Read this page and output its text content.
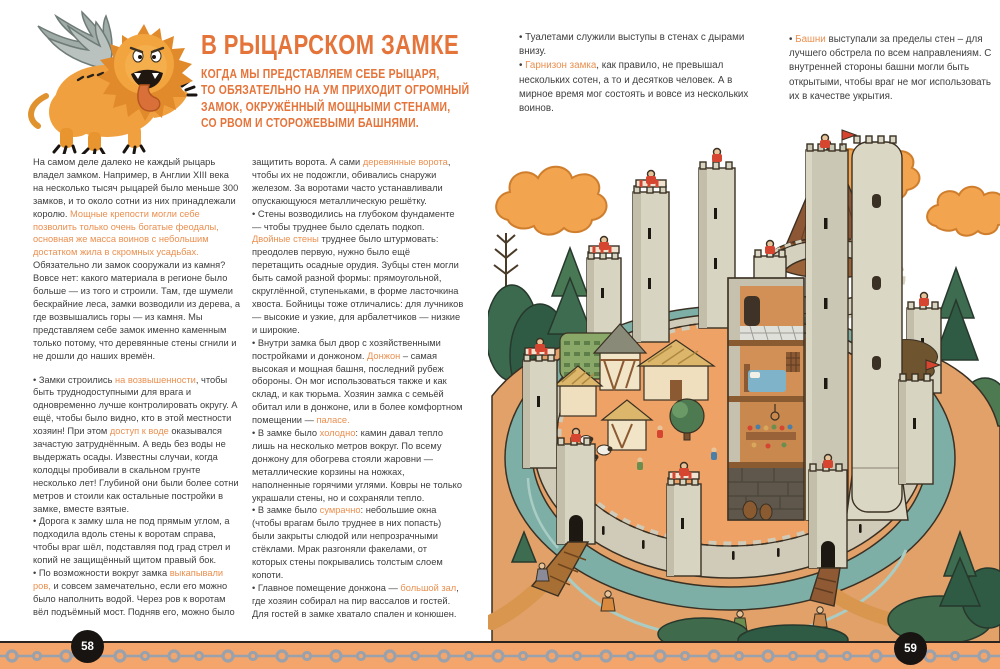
В РЫЦАРСКОМ ЗАМКЕ
КОГДА МЫ ПРЕДСТАВЛЯЕМ СЕБЕ РЫЦАРЯ,
ТО ОБЯЗАТЕЛЬНО НА УМ ПРИХОДИТ ОГРОМНЫЙ
ЗАМОК, ОКРУЖЁННЫЙ МОЩНЫМИ СТЕНАМИ,
СО РВОМ И СТОРОЖЕВЫМИ БАШНЯМИ.

На самом деле далеко не каждый рыцарь владел замком. Например, в Англии XIII века на несколько тысяч рыцарей было меньше 300 замков, и то около сотни из них принадлежали королю. Мощные крепости могли себе позволить только очень богатые феодалы, основная же масса воинов с небольшим достатком жила в скромных усадьбах. Обязательно ли замок сооружали из камня? Вовсе нет: какого материала в регионе было больше — из того и строили. Там, где шумели бескрайние леса, замки возводили из дерева, а где возвышались горы — из камня. Мы представляем себе замок именно каменным только потому, что деревянные стены сгнили и не дошли до наших времён.

• Замки строились на возвышенности, чтобы быть труднодоступными для врага и одновременно лучше контролировать округу. А ещё, чтобы было видно, кто в этой местности хозяин! При этом доступ к воде оказывался зачастую затруднённым. А ведь без воды не выдержать осады. Известны случаи, когда колодцы пробивали в скальном грунте несколько лет! Глубиной они были более сотни метров и стоили как остальные постройки в замке, вместе взятые.

• Дорога к замку шла не под прямым углом, а подходила вдоль стены к воротам справа, чтобы враг шёл, подставляя под град стрел и копий не защищённый щитом правый бок.

• По возможности вокруг замка выкапывали ров, и совсем замечательно, если его можно было наполнить водой. Через ров к воротам вёл подъёмный мост. Подняв его, можно было

защитить ворота. А сами деревянные ворота, чтобы их не подожгли, обивались снаружи железом. За воротами часто устанавливали опускающуюся металлическую решётку.

• Стены возводились на глубоком фундаменте — чтобы труднее было сделать подкоп. Двойные стены труднее было штурмовать: преодолев первую, нужно было ещё перетащить осадные орудия. Зубцы стен могли быть самой разной формы: прямоугольной, скруглённой, ступеньками, в форме ласточкина хвоста. Бойницы тоже отличались: для лучников — высокие и узкие, для арбалетчиков — низкие и широкие.

• Внутри замка был двор с хозяйственными постройками и донжоном. Донжон – самая высокая и мощная башня, последний рубеж обороны. Он мог использоваться также и как склад, и как тюрьма. Хозяин замка с семьёй обитал или в донжоне, или в более комфортном помещении — паласе.

• В замке было холодно: камин давал тепло лишь на несколько метров вокруг. По всему донжону для обогрева стояли жаровни — металлические корзины на ножках, наполненные горячими углями. Ковры не только украшали стены, но и сохраняли тепло.

• В замке было сумрачно: небольшие окна (чтобы врагам было труднее в них попасть) были закрыты слюдой или непрозрачными стёклами. Мрак разгоняли факелами, от которых стены покрывались толстым слоем копоти.

• Главное помещение донжона — большой зал, где хозяин собирал на пир вассалов и гостей. Для гостей в замке хватало спален и конюшен.

• Туалетами служили выступы в стенах с дырами внизу.

• Гарнизон замка, как правило, не превышал нескольких сотен, а то и десятков человек. А в мирное время мог состоять и вовсе из нескольких воинов.

• Башни выступали за пределы стен – для лучшего обстрела по всем направлениям. С внутренней стороны башни могли быть открытыми, чтобы враг не мог использовать их в качестве укрытия.

58	59
